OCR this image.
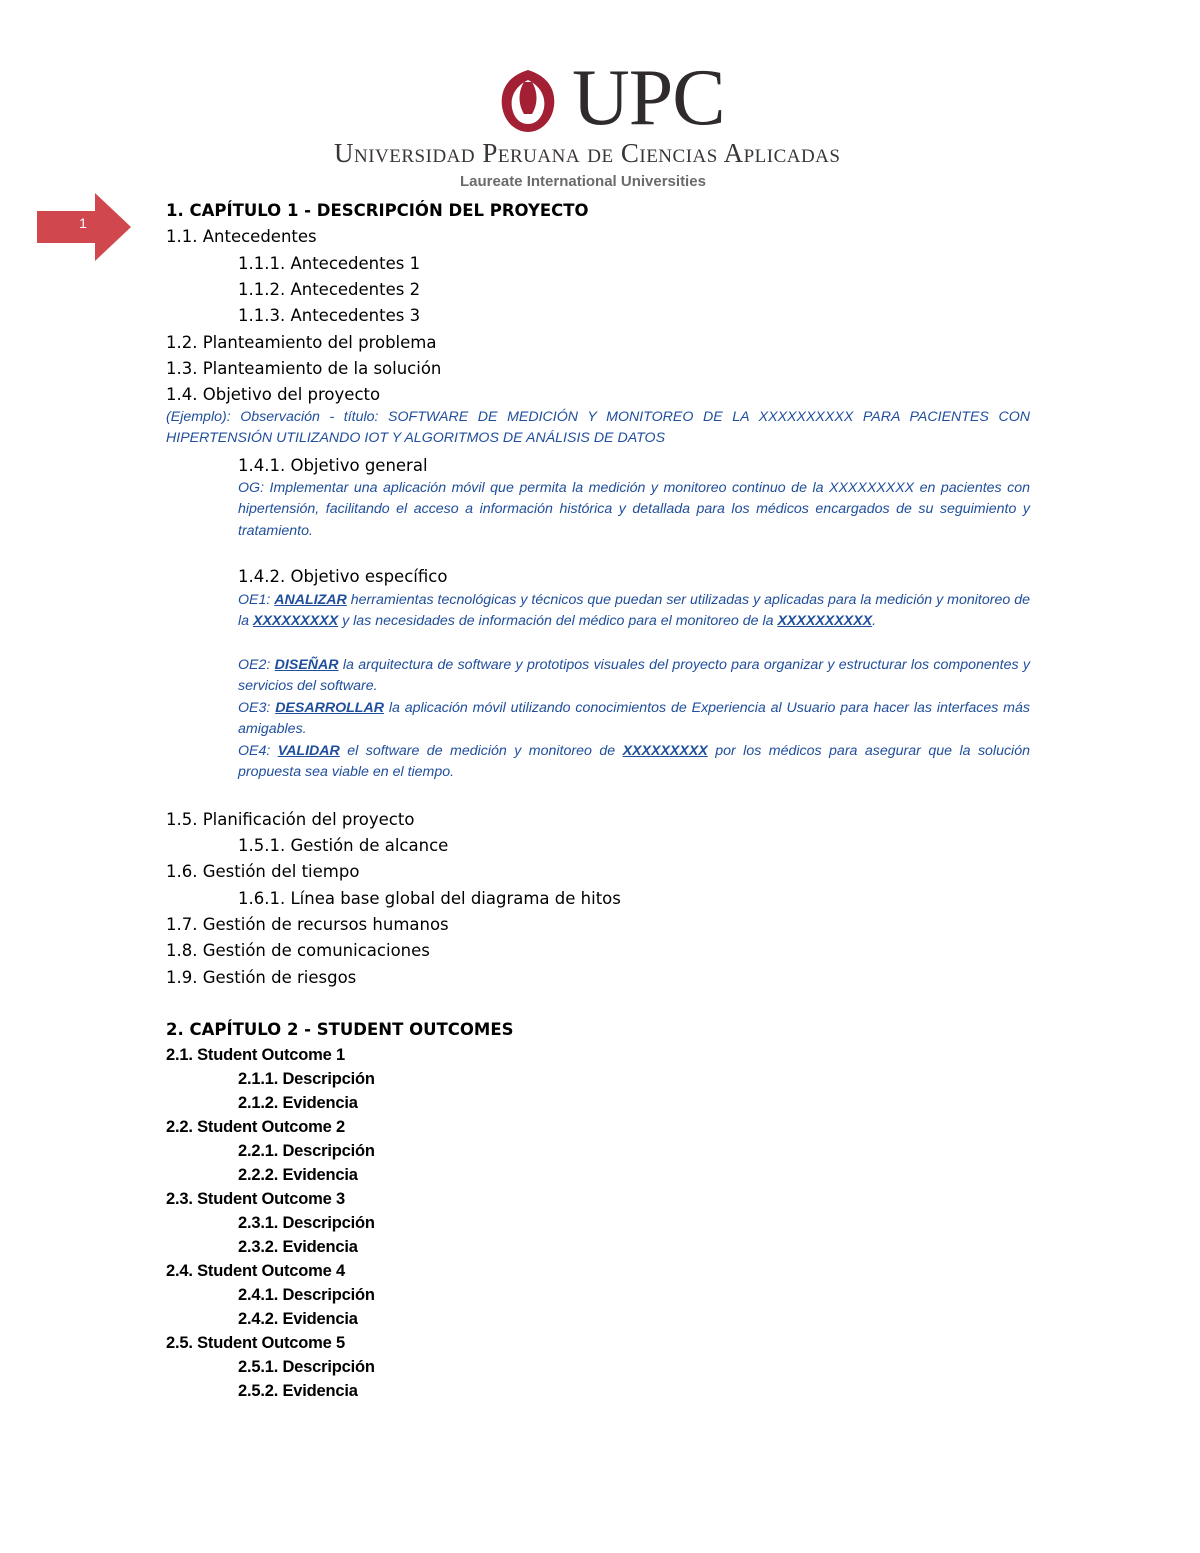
UPC
Universidad Peruana de Ciencias Aplicadas
Laureate International Universities
1
1. CAPÍTULO 1 - DESCRIPCIÓN DEL PROYECTO
1.1. Antecedentes
1.1.1. Antecedentes 1
1.1.2. Antecedentes 2
1.1.3. Antecedentes 3
1.2. Planteamiento del problema
1.3. Planteamiento de la solución
1.4. Objetivo del proyecto

(Ejemplo): Observación - título: SOFTWARE DE MEDICIÓN Y MONITOREO DE LA XXXXXXXXXX PARA PACIENTES CON HIPERTENSIÓN UTILIZANDO IOT Y ALGORITMOS DE ANÁLISIS DE DATOS

1.4.1. Objetivo general

OG: Implementar una aplicación móvil que permita la medición y monitoreo continuo de la XXXXXXXXX en pacientes con hipertensión, facilitando el acceso a información histórica y detallada para los médicos encargados de su seguimiento y tratamiento.

1.4.2. Objetivo específico

OE1: ANALIZAR herramientas tecnológicas y técnicos que puedan ser utilizadas y aplicadas para la medición y monitoreo de la XXXXXXXXX y las necesidades de información del médico para el monitoreo de la XXXXXXXXXX.

OE2: DISEÑAR la arquitectura de software y prototipos visuales del proyecto para organizar y estructurar los componentes y servicios del software.

OE3: DESARROLLAR la aplicación móvil utilizando conocimientos de Experiencia al Usuario para hacer las interfaces más amigables.

OE4: VALIDAR el software de medición y monitoreo de XXXXXXXXX por los médicos para asegurar que la solución propuesta sea viable en el tiempo.

1.5. Planificación del proyecto
1.5.1. Gestión de alcance
1.6. Gestión del tiempo
1.6.1. Línea base global del diagrama de hitos
1.7. Gestión de recursos humanos
1.8. Gestión de comunicaciones
1.9. Gestión de riesgos
2. CAPÍTULO 2 - STUDENT OUTCOMES
2.1. Student Outcome 1
2.1.1. Descripción
2.1.2. Evidencia
2.2. Student Outcome 2
2.2.1. Descripción
2.2.2. Evidencia
2.3. Student Outcome 3
2.3.1. Descripción
2.3.2. Evidencia
2.4. Student Outcome 4
2.4.1. Descripción
2.4.2. Evidencia
2.5. Student Outcome 5
2.5.1. Descripción
2.5.2. Evidencia
